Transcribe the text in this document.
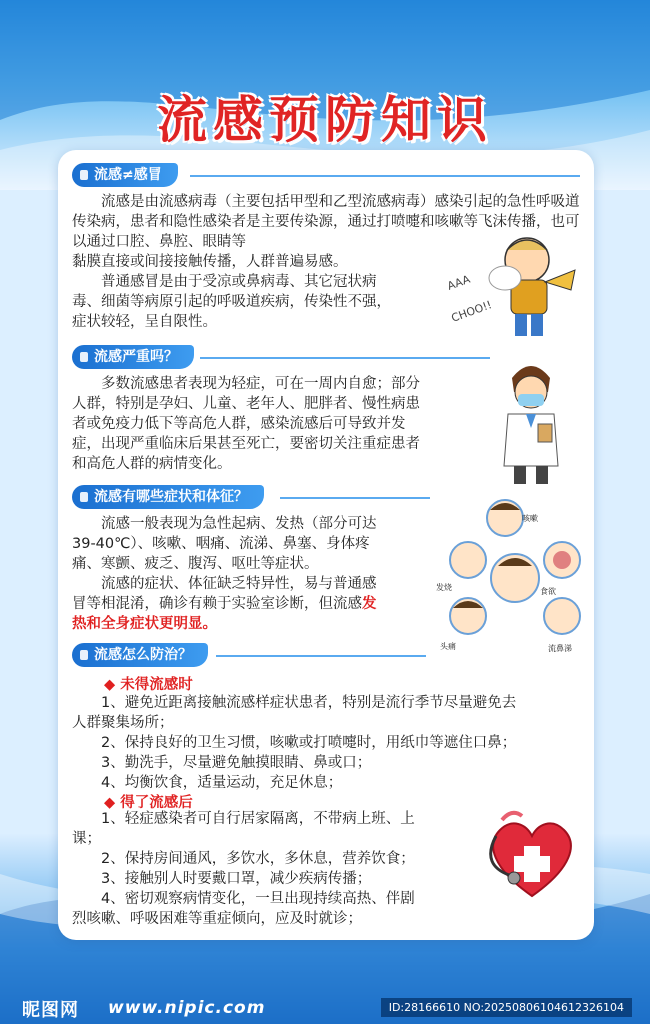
流感预防知识
流感≠感冒
流感是由流感病毒（主要包括甲型和乙型流感病毒）感染引起的急性呼吸道传染病，患者和隐性感染者是主要传染源，通过打喷嚏和咳嗽等飞沫传播，也可以通过口腔、鼻腔、眼睛等
黏膜直接或间接接触传播，人群普遍易感。
普通感冒是由于受凉或鼻病毒、其它冠状病
毒、细菌等病原引起的呼吸道疾病，传染性不强，
症状较轻，呈自限性。
AAA
CHOO!!
流感严重吗？
多数流感患者表现为轻症，可在一周内自愈；部分
人群，特别是孕妇、儿童、老年人、肥胖者、慢性病患
者或免疫力低下等高危人群，感染流感后可导致并发
症，出现严重临床后果甚至死亡，要密切关注重症患者
和高危人群的病情变化。
流感有哪些症状和体征？
流感一般表现为急性起病、发热（部分可达
39-40℃）、咳嗽、咽痛、流涕、鼻塞、身体疼
痛、寒颤、疲乏、腹泻、呕吐等症状。
流感的症状、体征缺乏特异性，易与普通感
冒等相混淆，确诊有赖于实验室诊断，但流感发
热和全身症状更明显。
咳嗽
发烧	食欲
头痛	流鼻涕
流感怎么防治？
◆ 未得流感时
1、避免近距离接触流感样症状患者，特别是流行季节尽量避免去
人群聚集场所；
2、保持良好的卫生习惯，咳嗽或打喷嚏时，用纸巾等遮住口鼻；
3、勤洗手，尽量避免触摸眼睛、鼻或口；
4、均衡饮食，适量运动，充足休息；
◆ 得了流感后
1、轻症感染者可自行居家隔离，不带病上班、上
课；
2、保持房间通风，多饮水，多休息，营养饮食；
3、接触别人时要戴口罩，减少疾病传播；
4、密切观察病情变化，一旦出现持续高热、伴剧
烈咳嗽、呼吸困难等重症倾向，应及时就诊；
昵图网 www.nipic.com	ID:28166610 NO:20250806104612326104
